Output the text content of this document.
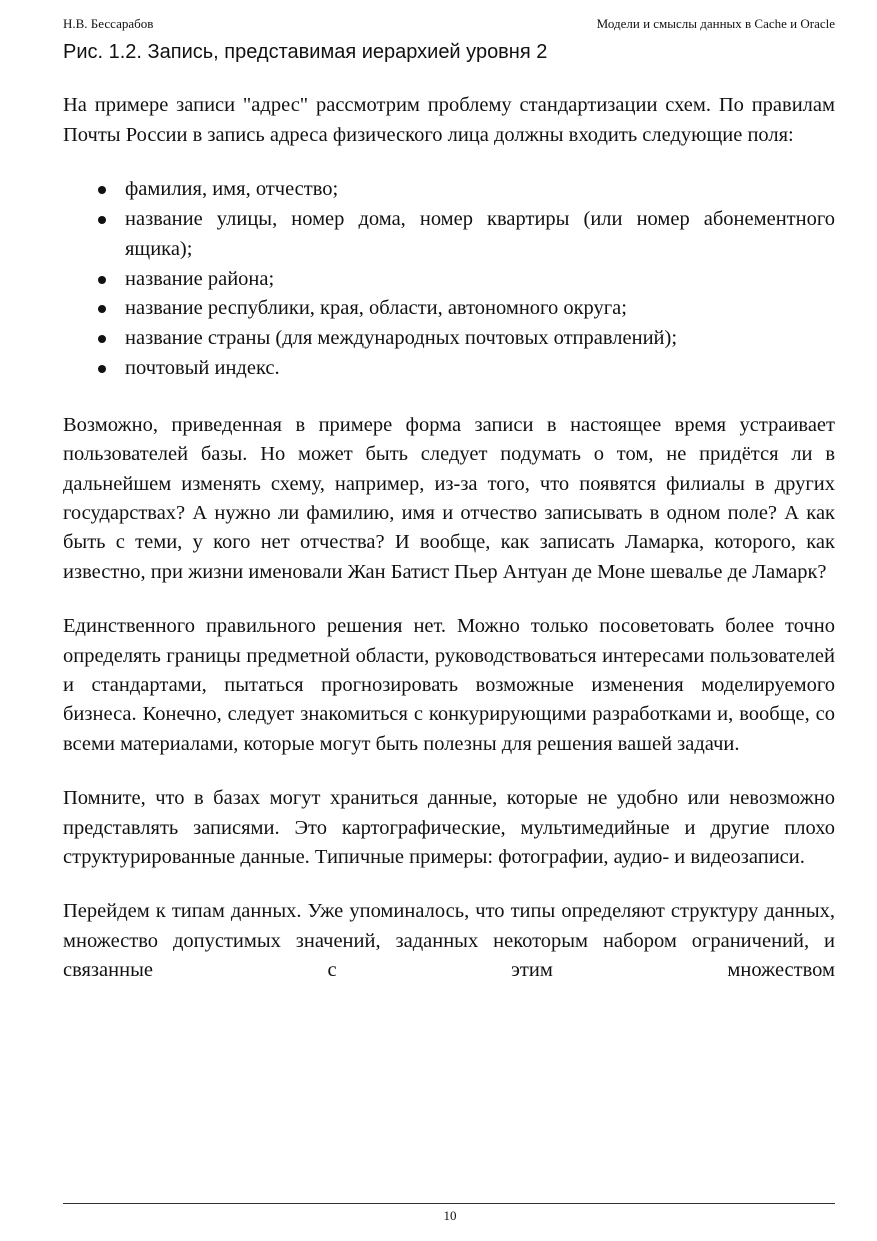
Н.В. Бессарабов	Модели и смыслы данных в Cache и Oracle
Рис. 1.2. Запись, представимая иерархией уровня 2

На примере записи "адрес" рассмотрим проблему стандартизации схем. По правилам Почты России в запись адреса физического лица должны входить следующие поля:

фамилия, имя, отчество;
название улицы, номер дома, номер квартиры (или номер абонементного ящика);
название района;
название республики, края, области, автономного округа;
название страны (для международных почтовых отправлений);
почтовый индекс.

Возможно, приведенная в примере форма записи в настоящее время устраивает пользователей базы. Но может быть следует подумать о том, не придётся ли в дальнейшем изменять схему, например, из-за того, что появятся филиалы в других государствах? А нужно ли фамилию, имя и отчество записывать в одном поле? А как быть с теми, у кого нет отчества? И вообще, как записать Ламарка, которого, как известно, при жизни именовали Жан Батист Пьер Антуан де Моне шевалье де Ламарк?

Единственного правильного решения нет. Можно только посоветовать более точно определять границы предметной области, руководствоваться интересами пользователей и стандартами, пытаться прогнозировать возможные изменения моделируемого бизнеса. Конечно, следует знакомиться с конкурирующими разработками и, вообще, со всеми материалами, которые могут быть полезны для решения вашей задачи.

Помните, что в базах могут храниться данные, которые не удобно или невозможно представлять записями. Это картографические, мультимедийные и другие плохо структурированные данные. Типичные примеры: фотографии, аудио- и видеозаписи.

Перейдем к типам данных. Уже упоминалось, что типы определяют структуру данных, множество допустимых значений, заданных некоторым набором ограничений, и связанные с этим множеством

10
